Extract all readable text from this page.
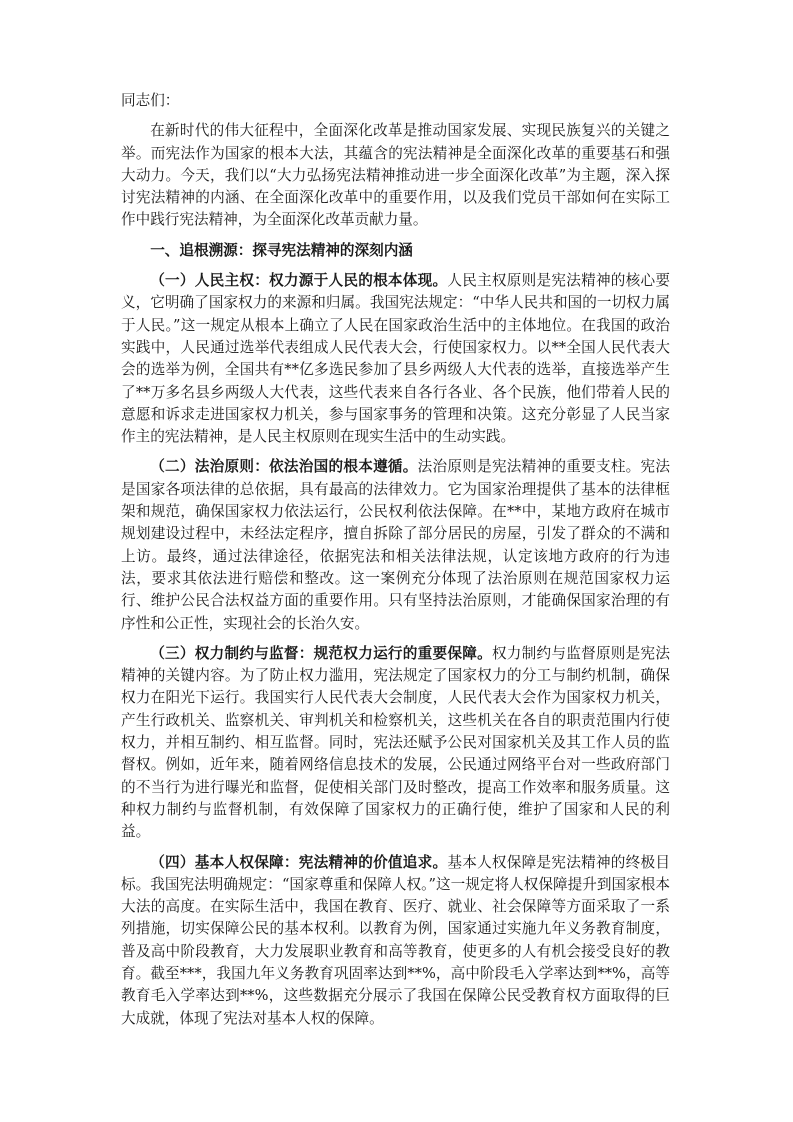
同志们：

在新时代的伟大征程中，全面深化改革是推动国家发展、实现民族复兴的关键之举。而宪法作为国家的根本大法，其蕴含的宪法精神是全面深化改革的重要基石和强大动力。今天，我们以“大力弘扬宪法精神推动进一步全面深化改革”为主题，深入探讨宪法精神的内涵、在全面深化改革中的重要作用，以及我们党员干部如何在实际工作中践行宪法精神，为全面深化改革贡献力量。

一、追根溯源：探寻宪法精神的深刻内涵

（一）人民主权：权力源于人民的根本体现。人民主权原则是宪法精神的核心要义，它明确了国家权力的来源和归属。我国宪法规定：“中华人民共和国的一切权力属于人民。”这一规定从根本上确立了人民在国家政治生活中的主体地位。在我国的政治实践中，人民通过选举代表组成人民代表大会，行使国家权力。以**全国人民代表大会的选举为例，全国共有**亿多选民参加了县乡两级人大代表的选举，直接选举产生了**万多名县乡两级人大代表，这些代表来自各行各业、各个民族，他们带着人民的意愿和诉求走进国家权力机关，参与国家事务的管理和决策。这充分彰显了人民当家作主的宪法精神，是人民主权原则在现实生活中的生动实践。

（二）法治原则：依法治国的根本遵循。法治原则是宪法精神的重要支柱。宪法是国家各项法律的总依据，具有最高的法律效力。它为国家治理提供了基本的法律框架和规范，确保国家权力依法运行，公民权利依法保障。在**中，某地方政府在城市规划建设过程中，未经法定程序，擅自拆除了部分居民的房屋，引发了群众的不满和上访。最终，通过法律途径，依据宪法和相关法律法规，认定该地方政府的行为违法，要求其依法进行赔偿和整改。这一案例充分体现了法治原则在规范国家权力运行、维护公民合法权益方面的重要作用。只有坚持法治原则，才能确保国家治理的有序性和公正性，实现社会的长治久安。

（三）权力制约与监督：规范权力运行的重要保障。权力制约与监督原则是宪法精神的关键内容。为了防止权力滥用，宪法规定了国家权力的分工与制约机制，确保权力在阳光下运行。我国实行人民代表大会制度，人民代表大会作为国家权力机关，产生行政机关、监察机关、审判机关和检察机关，这些机关在各自的职责范围内行使权力，并相互制约、相互监督。同时，宪法还赋予公民对国家机关及其工作人员的监督权。例如，近年来，随着网络信息技术的发展，公民通过网络平台对一些政府部门的不当行为进行曝光和监督，促使相关部门及时整改，提高工作效率和服务质量。这种权力制约与监督机制，有效保障了国家权力的正确行使，维护了国家和人民的利益。

（四）基本人权保障：宪法精神的价值追求。基本人权保障是宪法精神的终极目标。我国宪法明确规定：“国家尊重和保障人权。”这一规定将人权保障提升到国家根本大法的高度。在实际生活中，我国在教育、医疗、就业、社会保障等方面采取了一系列措施，切实保障公民的基本权利。以教育为例，国家通过实施九年义务教育制度，普及高中阶段教育，大力发展职业教育和高等教育，使更多的人有机会接受良好的教育。截至***，我国九年义务教育巩固率达到**%，高中阶段毛入学率达到**%，高等教育毛入学率达到**%，这些数据充分展示了我国在保障公民受教育权方面取得的巨大成就，体现了宪法对基本人权的保障。
